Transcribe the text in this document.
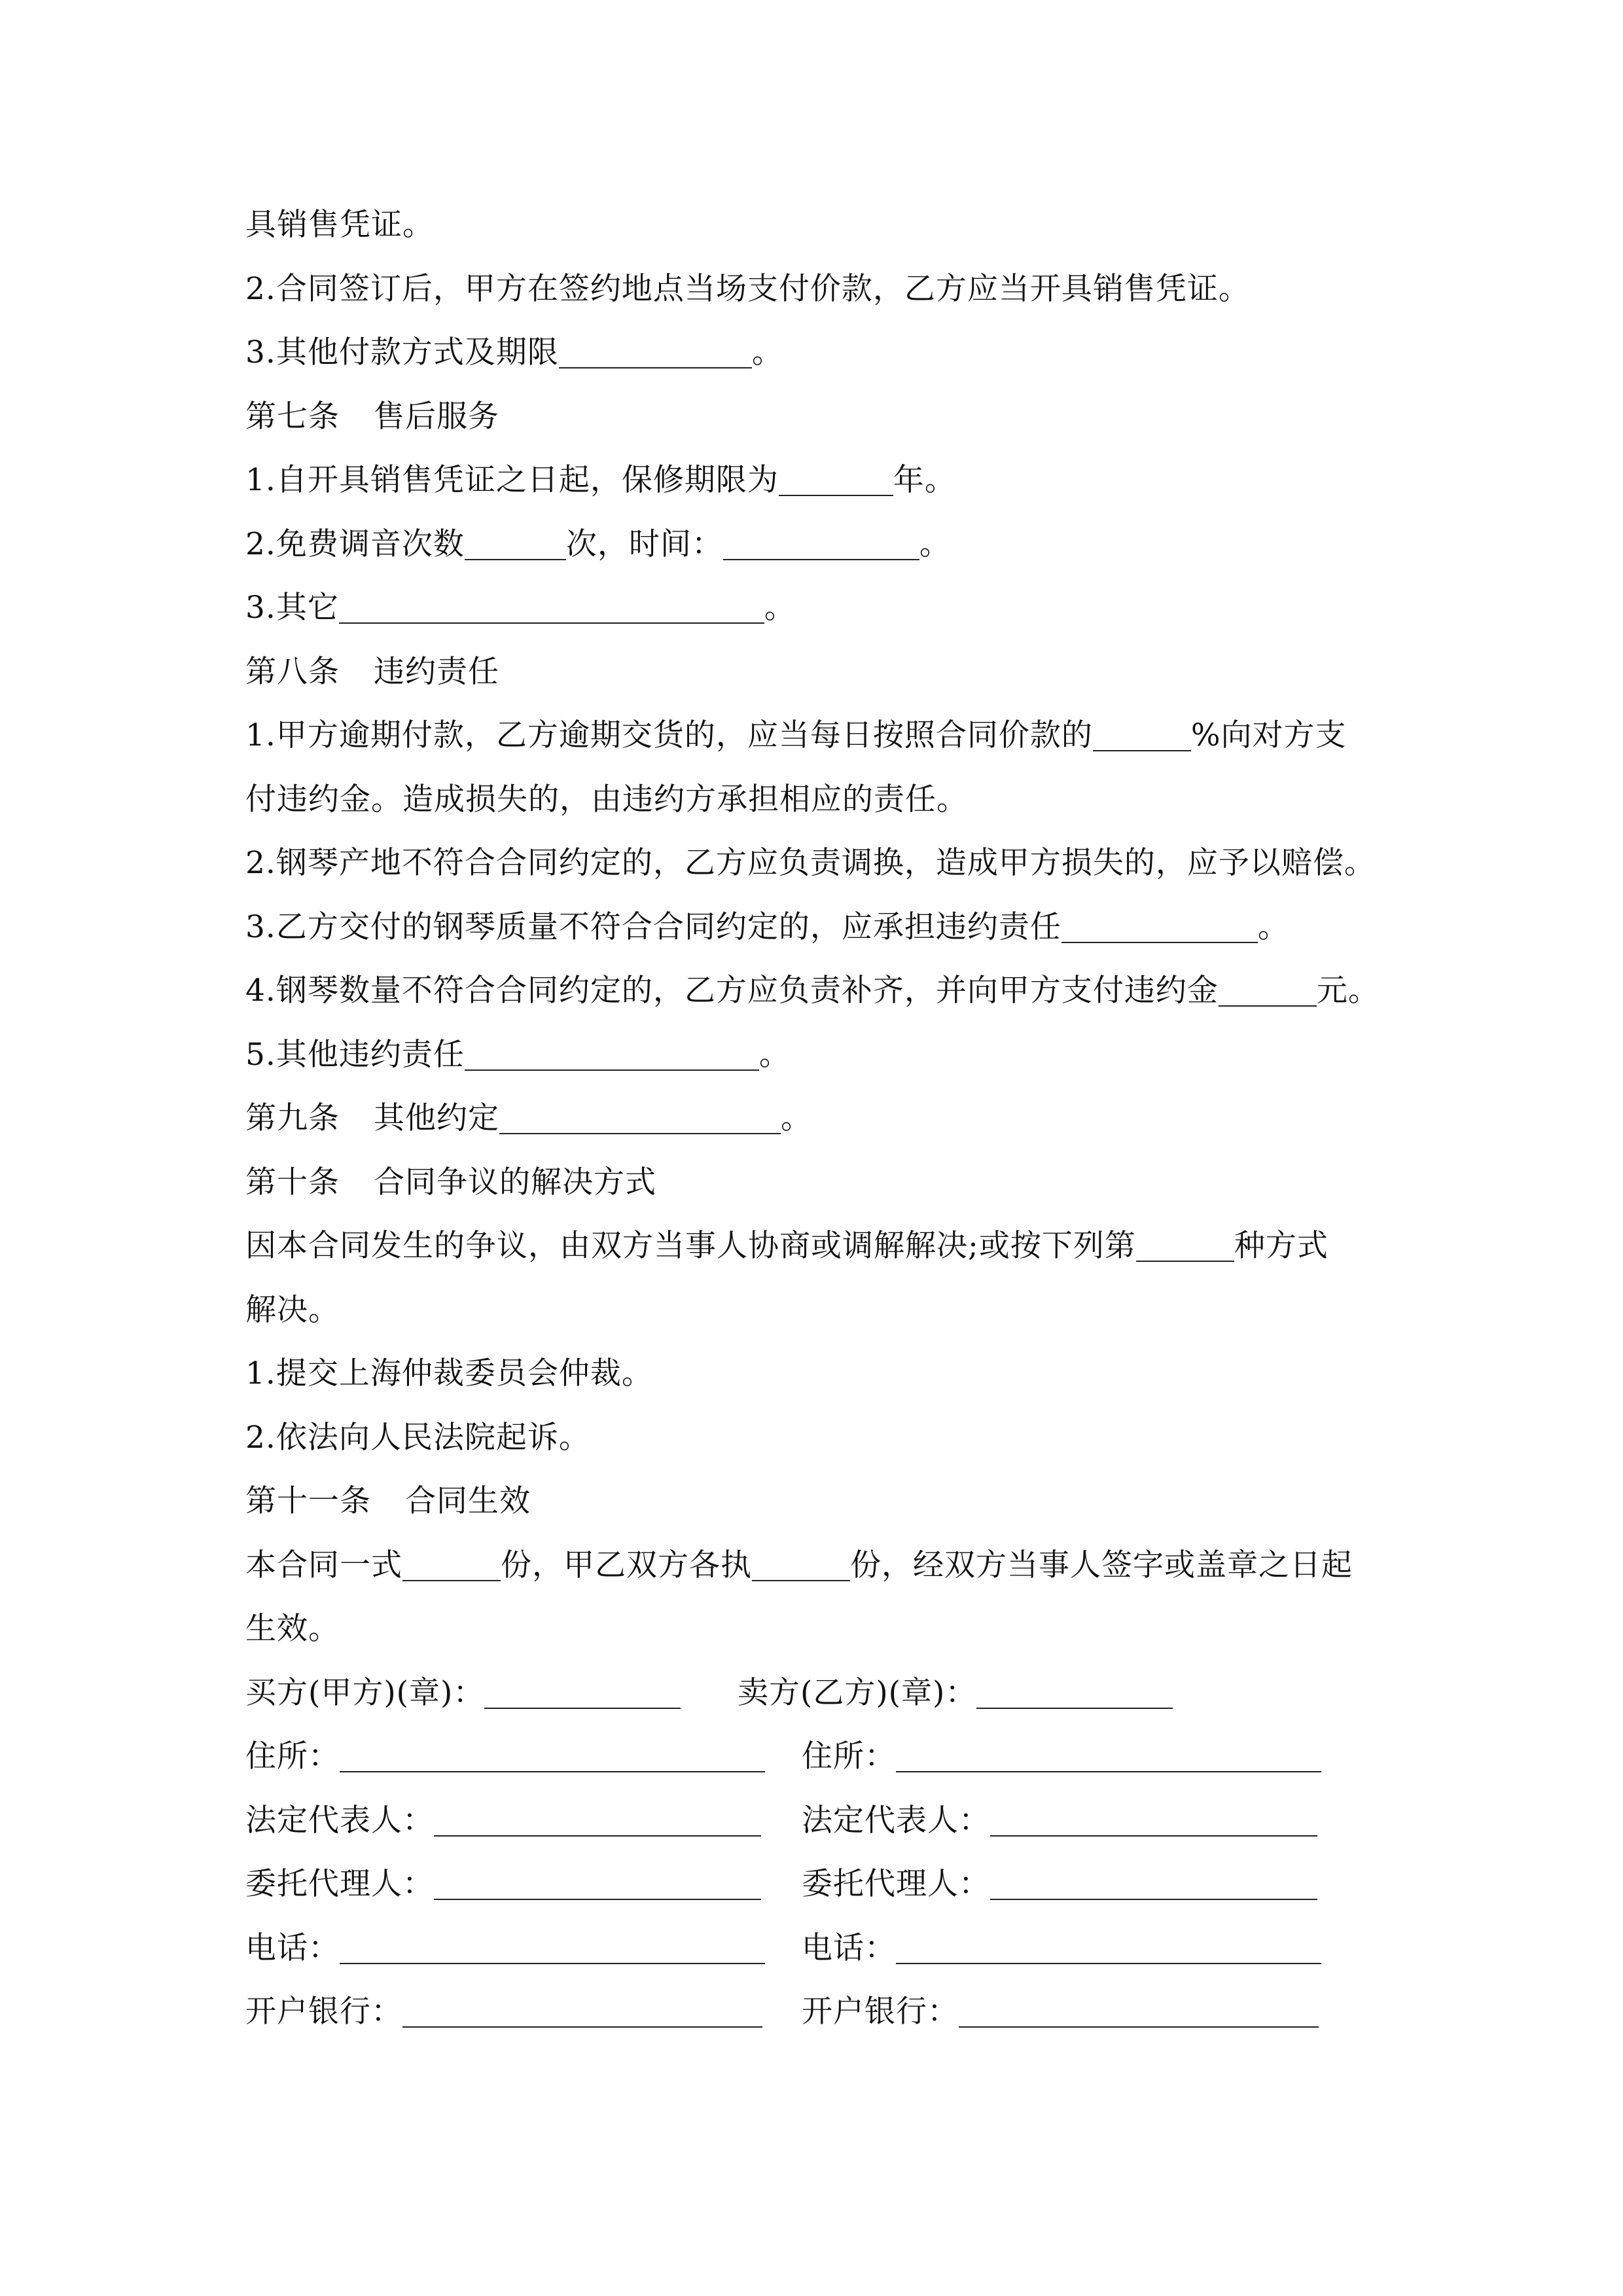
具销售凭证。
2.合同签订后，甲方在签约地点当场支付价款，乙方应当开具销售凭证。
3.其他付款方式及期限	。
第七条 售后服务
1.自开具销售凭证之日起，保修期限为	年。
2.免费调音次数	次，时间：	。
3.其它	。
第八条 违约责任
1.甲方逾期付款，乙方逾期交货的，应当每日按照合同价款的	%向对方支
付违约金。造成损失的，由违约方承担相应的责任。
2.钢琴产地不符合合同约定的，乙方应负责调换，造成甲方损失的，应予以赔偿。
3.乙方交付的钢琴质量不符合合同约定的，应承担违约责任	。
4.钢琴数量不符合合同约定的，乙方应负责补齐，并向甲方支付违约金	元。
5.其他违约责任	。
第九条 其他约定	。
第十条 合同争议的解决方式
因本合同发生的争议，由双方当事人协商或调解解决;或按下列第	种方式
解决。
1.提交上海仲裁委员会仲裁。
2.依法向人民法院起诉。
第十一条 合同生效
本合同一式	份，甲乙双方各执	份，经双方当事人签字或盖章之日起
生效。
买方(甲方)(章)：	卖方(乙方)(章)：
住所：	住所：
法定代表人：	法定代表人：
委托代理人：	委托代理人：
电话：	电话：
开户银行：	开户银行：
